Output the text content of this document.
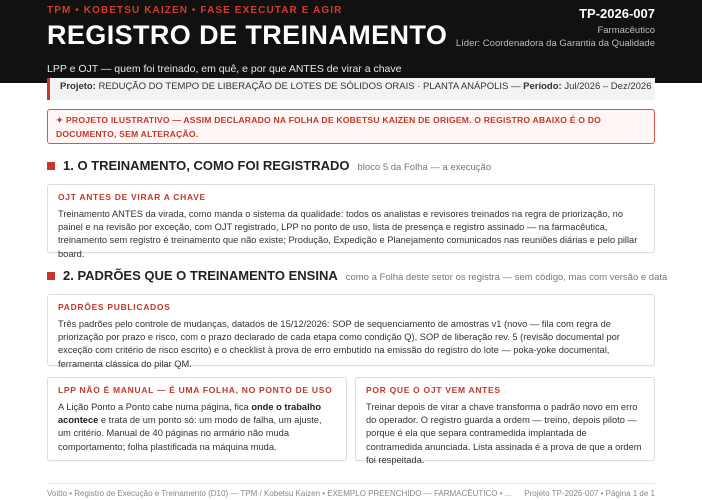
TPM • KOBETSU KAIZEN • FASE EXECUTAR E AGIR
REGISTRO DE TREINAMENTO
TP-2026-007
Farmacêutico
Líder: Coordenadora da Garantia da Qualidade
LPP e OJT — quem foi treinado, em quê, e por que ANTES de virar a chave
Projeto: REDUÇÃO DO TEMPO DE LIBERAÇÃO DE LOTES DE SÓLIDOS ORAIS · PLANTA ANÁPOLIS — Período: Jul/2026 – Dez/2026
✦ PROJETO ILUSTRATIVO — ASSIM DECLARADO NA FOLHA DE KOBETSU KAIZEN DE ORIGEM. O REGISTRO ABAIXO É O DO DOCUMENTO, SEM ALTERAÇÃO.
1. O TREINAMENTO, COMO FOI REGISTRADO bloco 5 da Folha — a execução
OJT ANTES DE VIRAR A CHAVE
Treinamento ANTES da virada, como manda o sistema da qualidade: todos os analistas e revisores treinados na regra de priorização, no painel e na revisão por exceção, com OJT registrado, LPP no ponto de uso, lista de presença e registro assinado — na farmacêutica, treinamento sem registro é treinamento que não existe; Produção, Expedição e Planejamento comunicados nas reuniões diárias e pelo pillar board.
2. PADRÕES QUE O TREINAMENTO ENSINA como a Folha deste setor os registra — sem código, mas com versão e data
PADRÕES PUBLICADOS
Três padrões pelo controle de mudanças, datados de 15/12/2026: SOP de sequenciamento de amostras v1 (novo — fila com regra de priorização por prazo e risco, com o prazo declarado de cada etapa como condição Q), SOP de liberação rev. 5 (revisão documental por exceção com critério de risco escrito) e o checklist à prova de erro embutido na emissão do registro do lote — poka-yoke documental, ferramenta clássica do pilar QM.
LPP NÃO É MANUAL — É UMA FOLHA, NO PONTO DE USO
A Lição Ponto a Ponto cabe numa página, fica onde o trabalho acontece e trata de um ponto só: um modo de falha, um ajuste, um critério. Manual de 40 páginas no armário não muda comportamento; folha plastificada na máquina muda.
POR QUE O OJT VEM ANTES
Treinar depois de virar a chave transforma o padrão novo em erro do operador. O registro guarda a ordem — treino, depois piloto — porque é ela que separa contramedida implantada de contramedida anunciada. Lista assinada é a prova de que a ordem foi respeitada.
Voitto • Registro de Execução e Treinamento (D10) — TPM / Kobetsu Kaizen • EXEMPLO PREENCHIDO — FARMACÊUTICO • ... Projeto TP-2026-007 • Página 1 de 1
